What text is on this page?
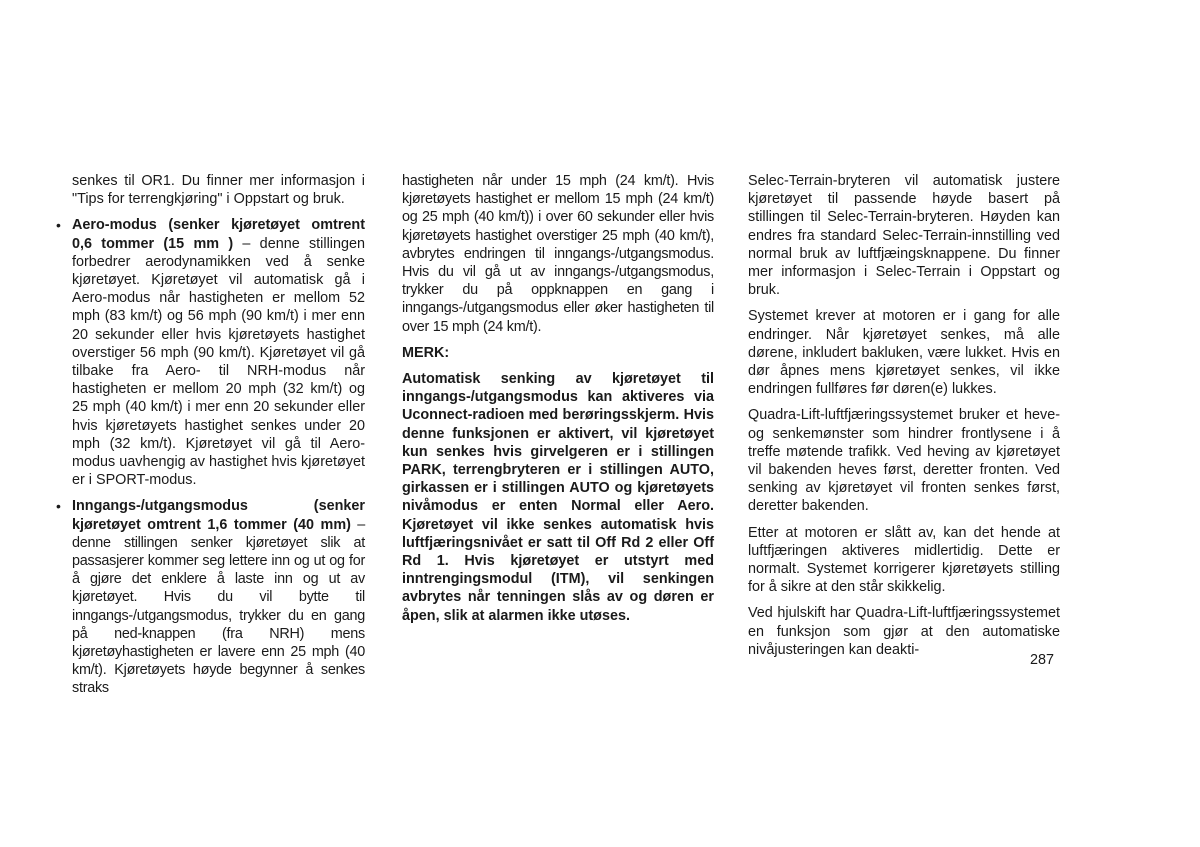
senkes til OR1. Du finner mer informasjon i "Tips for terrengkjøring" i Oppstart og bruk.

• Aero-modus (senker kjøretøyet omtrent 0,6 tommer (15 mm ) – denne stillingen forbedrer aerodynamikken ved å senke kjøretøyet. Kjøretøyet vil automatisk gå i Aero-modus når hastigheten er mellom 52 mph (83 km/t) og 56 mph (90 km/t) i mer enn 20 sekunder eller hvis kjøretøyets hastighet overstiger 56 mph (90 km/t). Kjøretøyet vil gå tilbake fra Aero- til NRH-modus når hastigheten er mellom 20 mph (32 km/t) og 25 mph (40 km/t) i mer enn 20 sekunder eller hvis kjøretøyets hastighet senkes under 20 mph (32 km/t). Kjøretøyet vil gå til Aero-modus uavhengig av hastighet hvis kjøretøyet er i SPORT-modus.
• Inngangs-/utgangsmodus (senker kjøretøyet omtrent 1,6 tommer (40 mm) – denne stillingen senker kjøretøyet slik at passasjerer kommer seg lettere inn og ut og for å gjøre det enklere å laste inn og ut av kjøretøyet. Hvis du vil bytte til inngangs-/utgangsmodus, trykker du en gang på ned-knappen (fra NRH) mens kjøretøyhastigheten er lavere enn 25 mph (40 km/t). Kjøretøyets høyde begynner å senkes straks

hastigheten når under 15 mph (24 km/t). Hvis kjøretøyets hastighet er mellom 15 mph (24 km/t) og 25 mph (40 km/t)) i over 60 sekunder eller hvis kjøretøyets hastighet overstiger 25 mph (40 km/t), avbrytes endringen til inngangs-/utgangsmodus. Hvis du vil gå ut av inngangs-/utgangsmodus, trykker du på oppknappen en gang i inngangs-/utgangsmodus eller øker hastigheten til over 15 mph (24 km/t).

MERK:

Automatisk senking av kjøretøyet til inngangs-/utgangsmodus kan aktiveres via Uconnect-radioen med berøringsskjerm. Hvis denne funksjonen er aktivert, vil kjøretøyet kun senkes hvis girvelgeren er i stillingen PARK, terrengbryteren er i stillingen AUTO, girkassen er i stillingen AUTO og kjøretøyets nivåmodus er enten Normal eller Aero. Kjøretøyet vil ikke senkes automatisk hvis luftfjæringsnivået er satt til Off Rd 2 eller Off Rd 1. Hvis kjøretøyet er utstyrt med inntrengingsmodul (ITM), vil senkingen avbrytes når tenningen slås av og døren er åpen, slik at alarmen ikke utøses.

Selec-Terrain-bryteren vil automatisk justere kjøretøyet til passende høyde basert på stillingen til Selec-Terrain-bryteren. Høyden kan endres fra standard Selec-Terrain-innstilling ved normal bruk av luftfjæingsknappene. Du finner mer informasjon i Selec-Terrain i Oppstart og bruk.

Systemet krever at motoren er i gang for alle endringer. Når kjøretøyet senkes, må alle dørene, inkludert bakluken, være lukket. Hvis en dør åpnes mens kjøretøyet senkes, vil ikke endringen fullføres før døren(e) lukkes.

Quadra-Lift-luftfjæringssystemet bruker et heve- og senkemønster som hindrer frontlysene i å treffe møtende trafikk. Ved heving av kjøretøyet vil bakenden heves først, deretter fronten. Ved senking av kjøretøyet vil fronten senkes først, deretter bakenden.

Etter at motoren er slått av, kan det hende at luftfjæringen aktiveres midlertidig. Dette er normalt. Systemet korrigerer kjøretøyets stilling for å sikre at den står skikkelig.

Ved hjulskift har Quadra-Lift-luftfjæringssystemet en funksjon som gjør at den automatiske nivåjusteringen kan deakti-

287
